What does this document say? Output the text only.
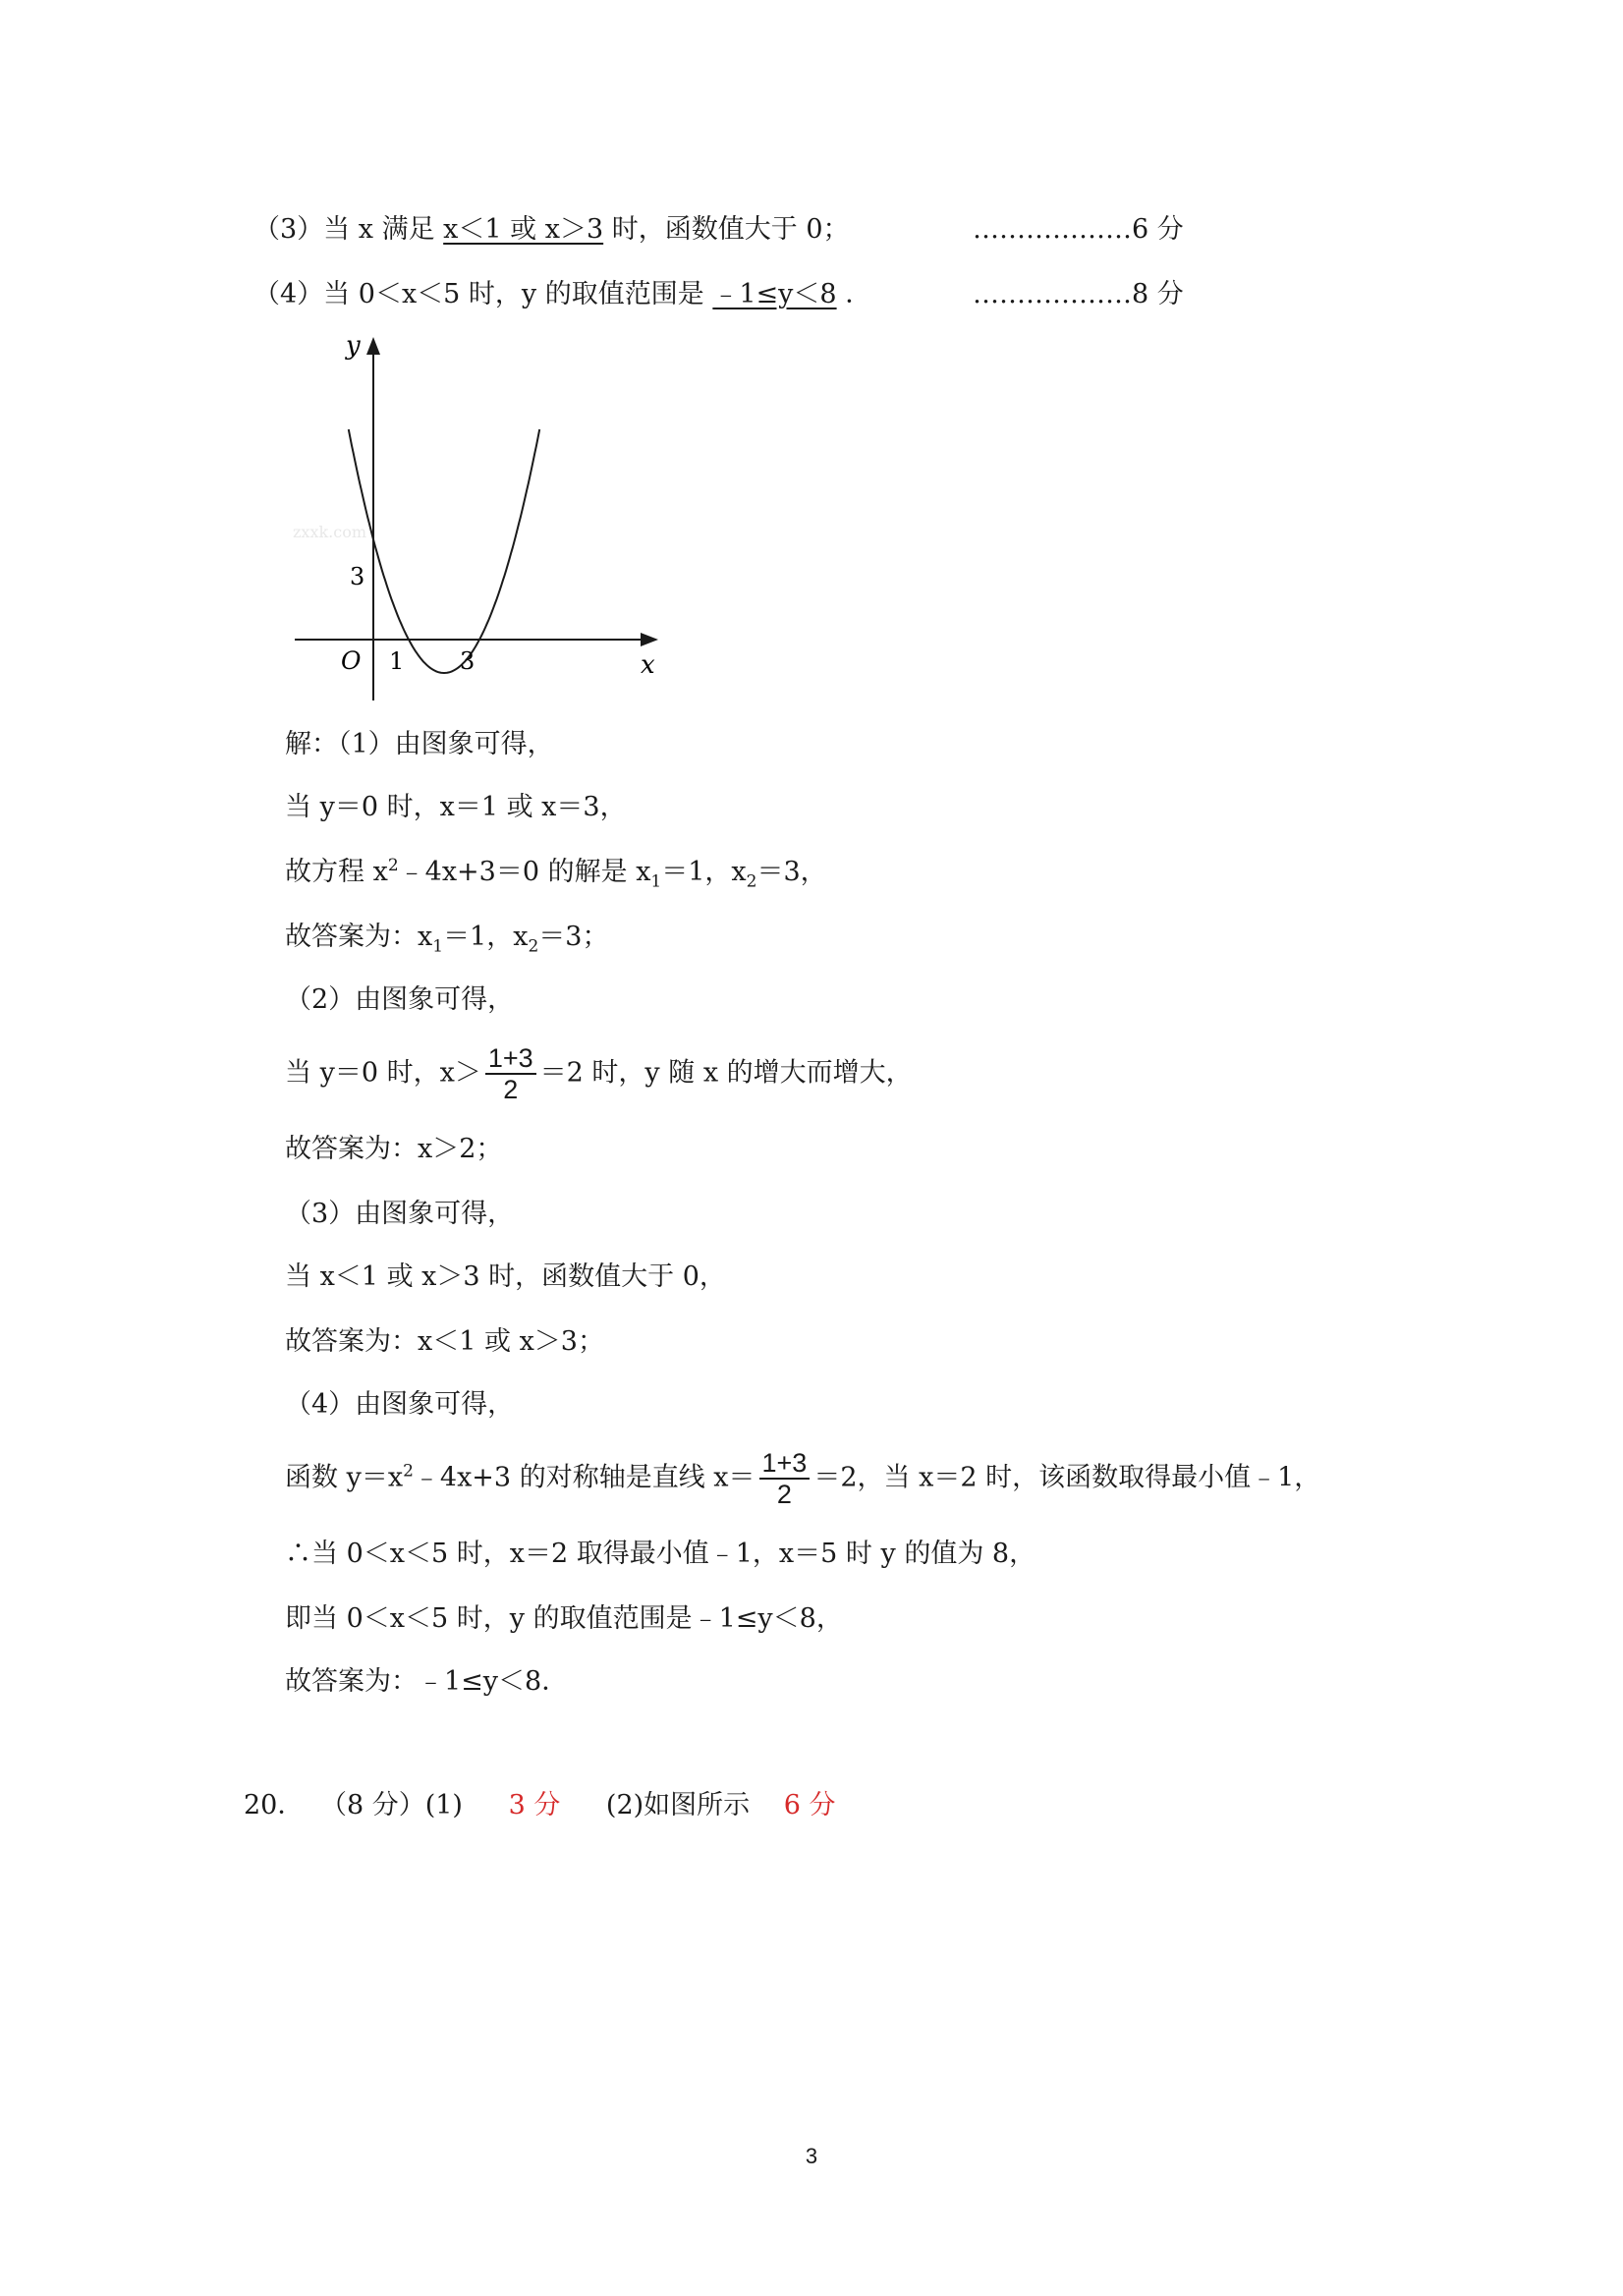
（3）当 x 满足 x＜1 或 x＞3 时，函数值大于 0；	………………6 分
（4）当 0＜x＜5 时，y 的取值范围是 ﹣1≤y＜8 ．	………………8 分
zxxk.com
y
x
O 1 3
3
解：（1）由图象可得，
当 y＝0 时，x＝1 或 x＝3，
故方程 $x^2﹣4x+3=0$ 的解是 $x_1=1$，$x_2=3$，
故答案为：$x_1=1$，$x_2=3$；
（2）由图象可得，
当 y＝0 时，$x> \frac{1+3}{2} =2$ 时，y 随 x 的增大而增大，
故答案为：x＞2；
（3）由图象可得，
当 x＜1 或 x＞3 时，函数值大于 0，
故答案为：x＜1 或 x＞3；
（4）由图象可得，
函数 $y=x^2﹣4x+3$ 的对称轴是直线 $x= \frac{1+3}{2} =2$，当 x＝2 时，该函数取得最小值﹣1，
∴当 0＜x＜5 时，x＝2 取得最小值﹣1，x＝5 时 y 的值为 8，
即当 0＜x＜5 时，y 的取值范围是﹣1≤y＜8，
故答案为：﹣1≤y＜8．
20． （8 分）(1) 3 分 (2)如图所示 6 分
3
